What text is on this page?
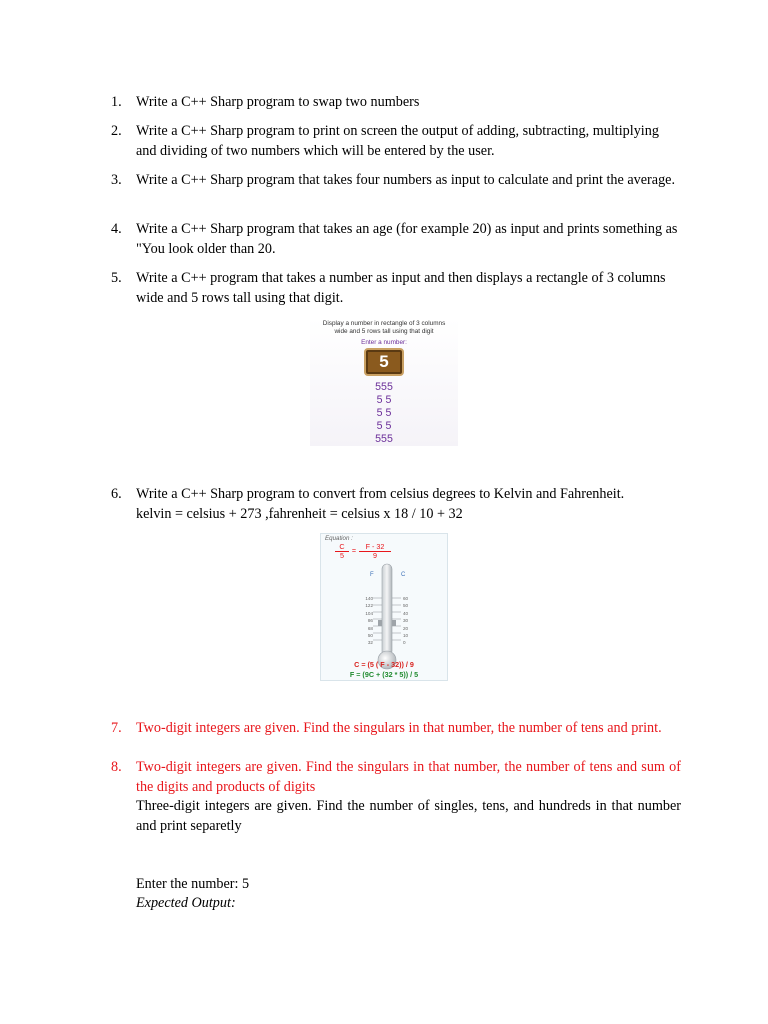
1. Write a C++ Sharp program to swap two numbers
2. Write a C++ Sharp program to print on screen the output of adding, subtracting, multiplying and dividing of two numbers which will be entered by the user.
3. Write a C++ Sharp program that takes four numbers as input to calculate and print the average.
4. Write a C++ Sharp program that takes an age (for example 20) as input and prints something as "You look older than 20.
5. Write a C++ program that takes a number as input and then displays a rectangle of 3 columns wide and 5 rows tall using that digit.
Display a number in rectangle of 3 columns wide and 5 rows tall using that digit
Enter a number:
5
555
5 5
5 5
5 5
555
6. Write a C++ Sharp program to convert from celsius degrees to Kelvin and Fahrenheit.
kelvin = celsius + 273 ,fahrenheit = celsius x 18 / 10 + 32
Equation :
$\frac{C}{5} = \frac{F - 32}{9}$
F	C
140
122
104
86
68
50
32
60
50
40
30
20
10
0
C = (5 ( F - 32)) / 9
F = (9C + (32 * 5)) / 5
7. Two-digit integers are given. Find the singulars in that number, the number of tens and print.
8. Two-digit integers are given. Find the singulars in that number, the number of tens and sum of the digits and products of digits
Three-digit integers are given. Find the number of singles, tens, and hundreds in that number and print separetly
Enter the number: 5
Expected Output:
